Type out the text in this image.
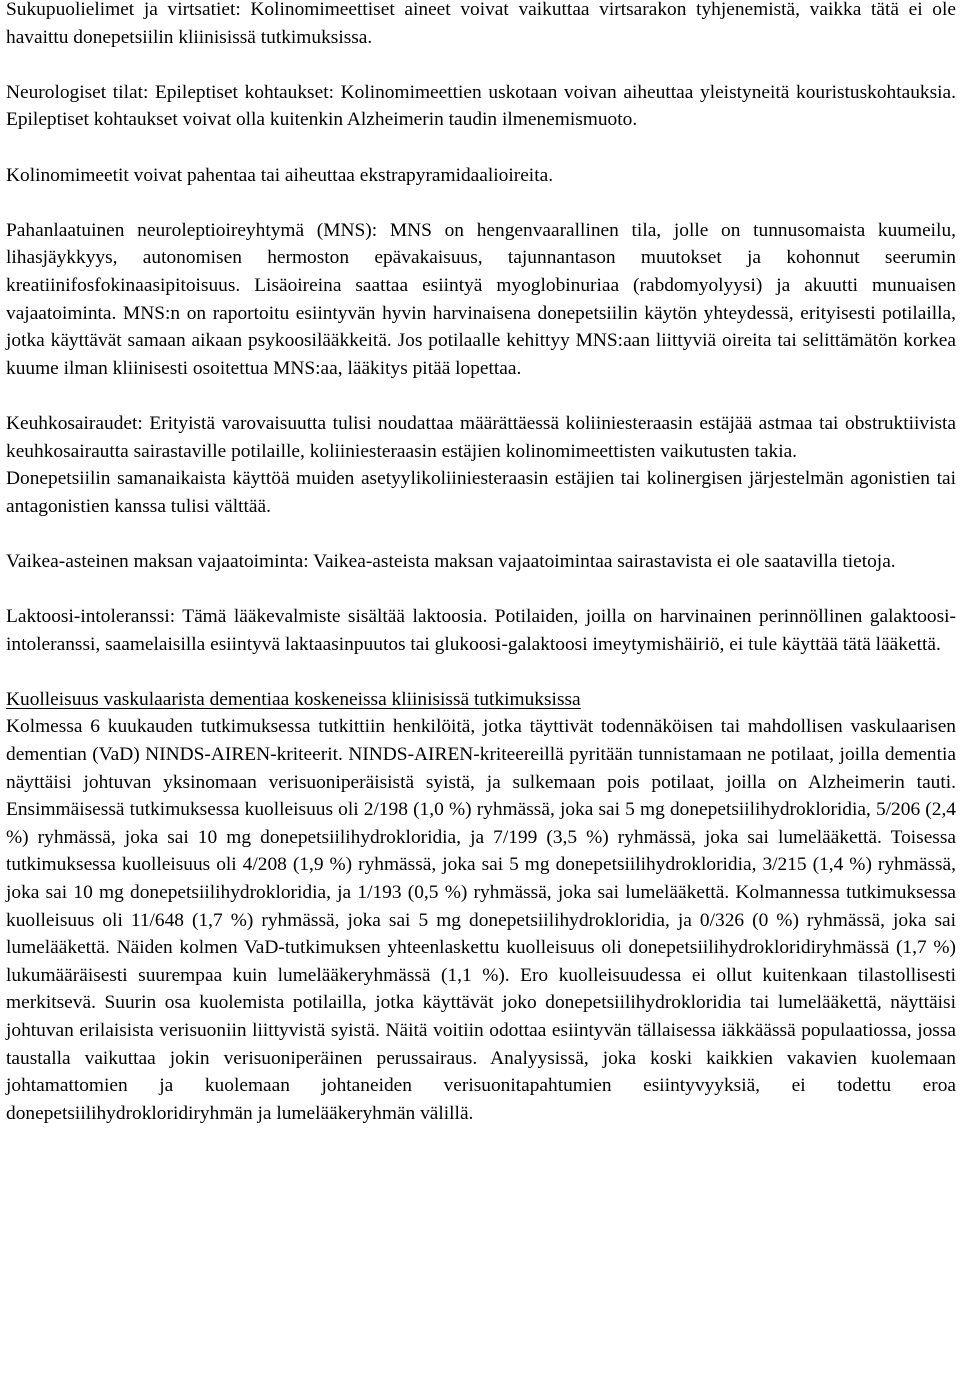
Sukupuolielimet ja virtsatiet: Kolinomimeettiset aineet voivat vaikuttaa virtsarakon tyhjenemistä, vaikka tätä ei ole havaittu donepetsiilin kliinisissä tutkimuksissa.

Neurologiset tilat: Epileptiset kohtaukset: Kolinomimeettien uskotaan voivan aiheuttaa yleistyneitä kouristuskohtauksia. Epileptiset kohtaukset voivat olla kuitenkin Alzheimerin taudin ilmenemismuoto.

Kolinomimeetit voivat pahentaa tai aiheuttaa ekstrapyramidaalioireita.

Pahanlaatuinen neuroleptioireyhtymä (MNS): MNS on hengenvaarallinen tila, jolle on tunnusomaista kuumeilu, lihasjäykkyys, autonomisen hermoston epävakaisuus, tajunnantason muutokset ja kohonnut seerumin kreatiinifosfokinaasipitoisuus. Lisäoireina saattaa esiintyä myoglobinuriaa (rabdomyolyysi) ja akuutti munuaisen vajaatoiminta. MNS:n on raportoitu esiintyvän hyvin harvinaisena donepetsiilin käytön yhteydessä, erityisesti potilailla, jotka käyttävät samaan aikaan psykoosilääkkeitä. Jos potilaalle kehittyy MNS:aan liittyviä oireita tai selittämätön korkea kuume ilman kliinisesti osoitettua MNS:aa, lääkitys pitää lopettaa.

Keuhkosairaudet: Erityistä varovaisuutta tulisi noudattaa määrättäessä koliiniesteraasin estäjää astmaa tai obstruktiivista keuhkosairautta sairastaville potilaille, koliiniesteraasin estäjien kolinomimeettisten vaikutusten takia.

Donepetsiilin samanaikaista käyttöä muiden asetyylikoliiniesteraasin estäjien tai kolinergisen järjestelmän agonistien tai antagonistien kanssa tulisi välttää.

Vaikea-asteinen maksan vajaatoiminta: Vaikea-asteista maksan vajaatoimintaa sairastavista ei ole saatavilla tietoja.

Laktoosi-intoleranssi: Tämä lääkevalmiste sisältää laktoosia. Potilaiden, joilla on harvinainen perinnöllinen galaktoosi-intoleranssi, saamelaisilla esiintyvä laktaasinpuutos tai glukoosi-galaktoosi imeytymishäiriö, ei tule käyttää tätä lääkettä.

Kuolleisuus vaskulaarista dementiaa koskeneissa kliinisissä tutkimuksissa

Kolmessa 6 kuukauden tutkimuksessa tutkittiin henkilöitä, jotka täyttivät todennäköisen tai mahdollisen vaskulaarisen dementian (VaD) NINDS-AIREN-kriteerit. NINDS-AIREN-kriteereillä pyritään tunnistamaan ne potilaat, joilla dementia näyttäisi johtuvan yksinomaan verisuoniperäisistä syistä, ja sulkemaan pois potilaat, joilla on Alzheimerin tauti. Ensimmäisessä tutkimuksessa kuolleisuus oli 2/198 (1,0 %) ryhmässä, joka sai 5 mg donepetsiilihydrokloridia, 5/206 (2,4 %) ryhmässä, joka sai 10 mg donepetsiilihydrokloridia, ja 7/199 (3,5 %) ryhmässä, joka sai lumelääkettä. Toisessa tutkimuksessa kuolleisuus oli 4/208 (1,9 %) ryhmässä, joka sai 5 mg donepetsiilihydrokloridia, 3/215 (1,4 %) ryhmässä, joka sai 10 mg donepetsiilihydrokloridia, ja 1/193 (0,5 %) ryhmässä, joka sai lumelääkettä. Kolmannessa tutkimuksessa kuolleisuus oli 11/648 (1,7 %) ryhmässä, joka sai 5 mg donepetsiilihydrokloridia, ja 0/326 (0 %) ryhmässä, joka sai lumelääkettä. Näiden kolmen VaD-tutkimuksen yhteenlaskettu kuolleisuus oli donepetsiilihydrokloridiryhmässä (1,7 %) lukumääräisesti suurempaa kuin lumelääkeryhmässä (1,1 %). Ero kuolleisuudessa ei ollut kuitenkaan tilastollisesti merkitsevä. Suurin osa kuolemista potilailla, jotka käyttävät joko donepetsiilihydrokloridia tai lumelääkettä, näyttäisi johtuvan erilaisista verisuoniin liittyvistä syistä. Näitä voitiin odottaa esiintyvän tällaisessa iäkkäässä populaatiossa, jossa taustalla vaikuttaa jokin verisuoniperäinen perussairaus. Analyysissä, joka koski kaikkien vakavien kuolemaan johtamattomien ja kuolemaan johtaneiden verisuonitapahtumien esiintyvyyksiä, ei todettu eroa donepetsiilihydrokloridiryhmän ja lumelääkeryhmän välillä.
